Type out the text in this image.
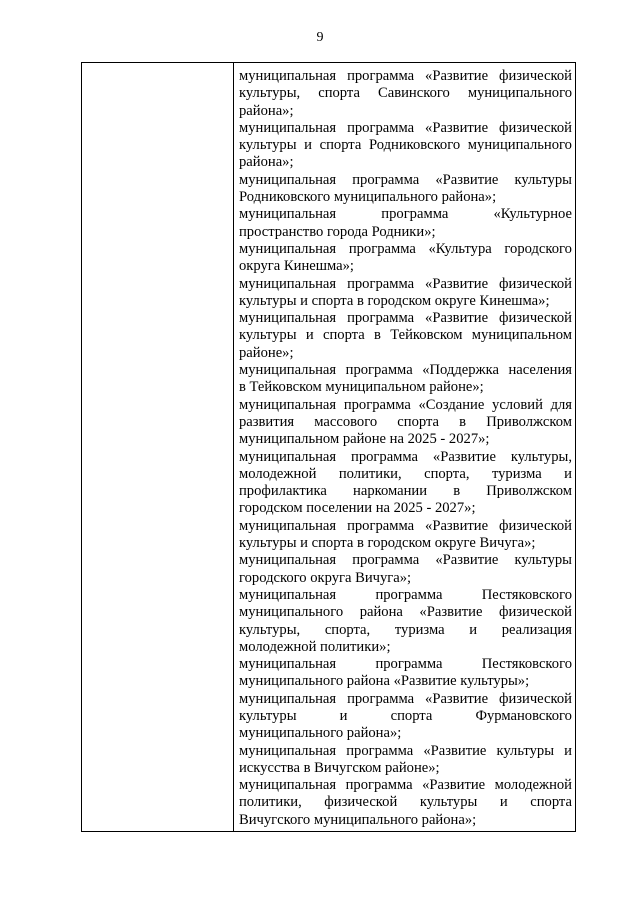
9
муниципальная программа «Развитие физической
культуры, спорта Савинского муниципального
района»;
муниципальная программа «Развитие физической
культуры и спорта Родниковского муниципального
района»;
муниципальная программа «Развитие культуры
Родниковского муниципального района»;
муниципальная	программа	«Культурное
пространство города Родники»;
муниципальная программа «Культура городского
округа Кинешма»;
муниципальная программа «Развитие физической
культуры и спорта в городском округе Кинешма»;
муниципальная программа «Развитие физической
культуры и спорта в Тейковском муниципальном
районе»;
муниципальная программа «Поддержка населения
в Тейковском муниципальном районе»;
муниципальная программа «Создание условий для
развития массового спорта в Приволжском
муниципальном районе на 2025 - 2027»;
муниципальная программа «Развитие культуры,
молодежной политики, спорта, туризма и
профилактика наркомании в Приволжском
городском поселении на 2025 - 2027»;
муниципальная программа «Развитие физической
культуры и спорта в городском округе Вичуга»;
муниципальная программа «Развитие культуры
городского округа Вичуга»;
муниципальная	программа	Пестяковского
муниципального района «Развитие физической
культуры, спорта, туризма и реализация
молодежной политики»;
муниципальная	программа	Пестяковского
муниципального района «Развитие культуры»;
муниципальная программа «Развитие физической
культуры	и	спорта	Фурмановского
муниципального района»;
муниципальная программа «Развитие культуры и
искусства в Вичугском районе»;
муниципальная программа «Развитие молодежной
политики, физической культуры и спорта
Вичугского муниципального района»;
